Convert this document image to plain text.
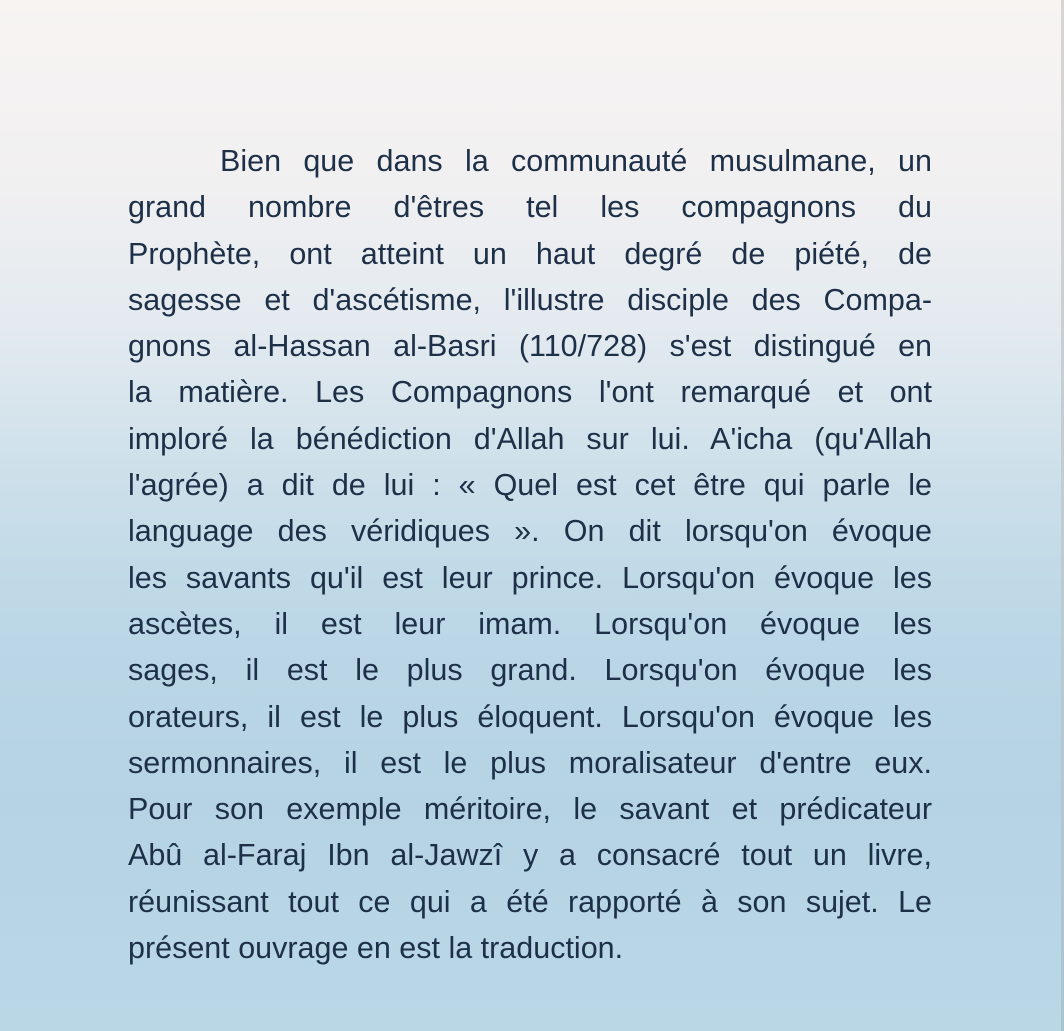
Bien que dans la communauté musulmane, un
grand nombre d'êtres tel les compagnons du
Prophète, ont atteint un haut degré de piété, de
sagesse et d'ascétisme, l'illustre disciple des Compa-
gnons al-Hassan al-Basri (110/728) s'est distingué en
la matière. Les Compagnons l'ont remarqué et ont
imploré la bénédiction d'Allah sur lui. A'icha (qu'Allah
l'agrée) a dit de lui : « Quel est cet être qui parle le
language des véridiques ». On dit lorsqu'on évoque
les savants qu'il est leur prince. Lorsqu'on évoque les
ascètes, il est leur imam. Lorsqu'on évoque les
sages, il est le plus grand. Lorsqu'on évoque les
orateurs, il est le plus éloquent. Lorsqu'on évoque les
sermonnaires, il est le plus moralisateur d'entre eux.
Pour son exemple méritoire, le savant et prédicateur
Abû al-Faraj Ibn al-Jawzî y a consacré tout un livre,
réunissant tout ce qui a été rapporté à son sujet. Le
présent ouvrage en est la traduction.
